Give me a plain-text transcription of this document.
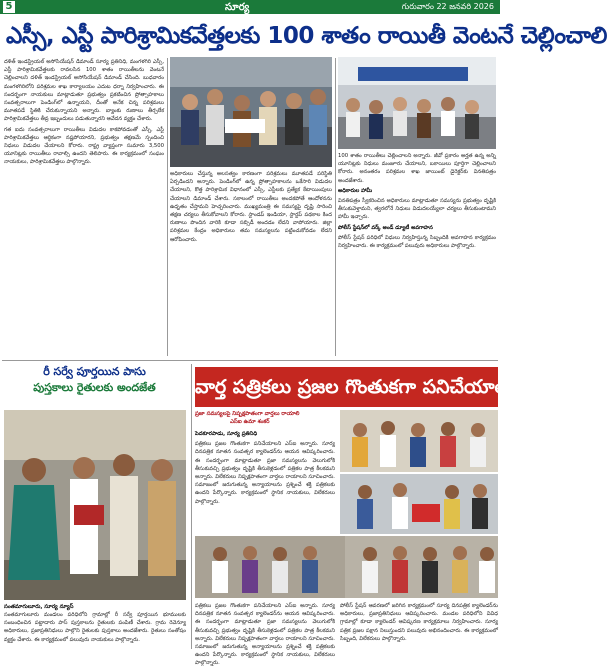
5	సూర్య	గురువారం 22 జనవరి 2026
ఎస్సీ, ఎస్టీ పారిశ్రామికవేత్తలకు 100 శాతం రాయితీ వెంటనే చెల్లించాలి

దళిత్ ఇండస్ట్రియల్ అసోసియేషన్ డిమాండ్ సూర్య ప్రతినిధి, మంగళగిరి ఎస్సీ, ఎస్టీ పారిశ్రామికవేత్తలకు రావలసిన 100 శాతం రాయితీలను వెంటనే చెల్లించాలని దళిత్ ఇండస్ట్రియల్ అసోసియేషన్ డిమాండ్ చేసింది. బుధవారం మంగళగిరిలోని పరిశ్రమల శాఖ కార్యాలయం ఎదుట ధర్నా నిర్వహించారు. ఈ సందర్భంగా నాయకులు మాట్లాడుతూ ప్రభుత్వం ప్రకటించిన ప్రోత్సాహకాలు సంవత్సరాలుగా పెండింగ్‌లో ఉన్నాయని, దీంతో అనేక చిన్న పరిశ్రమలు మూతపడే స్థితికి చేరుకున్నాయని అన్నారు. బ్యాంకు రుణాలు తీర్చలేక పారిశ్రామికవేత్తలు తీవ్ర ఇబ్బందులు పడుతున్నారని ఆవేదన వ్యక్తం చేశారు.

గత ఐదు సంవత్సరాలుగా రాయితీలు విడుదల కాకపోవడంతో ఎస్సీ, ఎస్టీ పారిశ్రామికవేత్తలు ఆర్థికంగా నష్టపోయారని, ప్రభుత్వం తక్షణమే స్పందించి నిధులు విడుదల చేయాలని కోరారు. రాష్ట్ర వ్యాప్తంగా సుమారు 3,500 యూనిట్లకు రాయితీలు రావాల్సి ఉందని తెలిపారు. ఈ కార్యక్రమంలో సంఘం నాయకులు, పారిశ్రామికవేత్తలు పాల్గొన్నారు.

అధికారులు చేస్తున్న అలసత్వం కారణంగా పరిశ్రమలు మూతపడే పరిస్థితి ఏర్పడిందని అన్నారు. పెండింగ్‌లో ఉన్న ప్రోత్సాహకాలను ఒకేసారి విడుదల చేయాలని, కొత్త పారిశ్రామిక విధానంలో ఎస్సీ, ఎస్టీలకు ప్రత్యేక కేటాయింపులు చేయాలని డిమాండ్ చేశారు. సకాలంలో రాయితీలు అందకపోతే ఆందోళనను ఉధృతం చేస్తామని హెచ్చరించారు. ముఖ్యమంత్రి ఈ సమస్యపై దృష్టి సారించి తక్షణ చర్యలు తీసుకోవాలని కోరారు. స్టాండప్ ఇండియా, స్టార్టప్ పథకాల కింద రుణాలు పొందిన వారికి కూడా సబ్సిడీ అందడం లేదని వాపోయారు. జిల్లా పరిశ్రమల కేంద్రం అధికారులు తమ సమస్యలను పట్టించుకోవడం లేదని ఆరోపించారు.

100 శాతం రాయితీలు చెల్లించాలని అన్నారు. జీవో ప్రకారం అర్హత ఉన్న అన్ని యూనిట్లకు నిధులు మంజూరు చేయాలని, బకాయిలు పూర్తిగా చెల్లించాలని కోరారు. అనంతరం పరిశ్రమల శాఖ జాయింట్ డైరెక్టర్‌కు వినతిపత్రం అందజేశారు.

అధికారుల హామీ

వినతిపత్రం స్వీకరించిన అధికారులు మాట్లాడుతూ సమస్యను ప్రభుత్వం దృష్టికి తీసుకువెళ్తామని, త్వరలోనే నిధులు విడుదలయ్యేలా చర్యలు తీసుకుంటామని హామీ ఇచ్చారు.

పోలీస్ స్టేషన్‌లో వర్క్ అండ్ డ్యూటీ అవగాహన

పోలీస్ స్టేషన్ పరిధిలో విధులు నిర్వహిస్తున్న సిబ్బందికి అవగాహన కార్యక్రమం నిర్వహించారు. ఈ కార్యక్రమంలో పలువురు అధికారులు పాల్గొన్నారు.

రీ సర్వే పూర్తయిన పాసు
పుస్తకాలు రైతులకు అందజేత
సంతమాగులూరు, సూర్య న్యూస్

సంతమాగులూరు మండలం పరిధిలోని గ్రామాల్లో రీ సర్వే పూర్తయిన భూములకు సంబంధించిన పట్టాదారు పాస్ పుస్తకాలను రైతులకు పంపిణీ చేశారు. గ్రామ రెవెన్యూ అధికారులు, ప్రజాప్రతినిధులు పాల్గొని రైతులకు పుస్తకాలు అందజేశారు. రైతులు సంతోషం వ్యక్తం చేశారు. ఈ కార్యక్రమంలో పలువురు నాయకులు పాల్గొన్నారు.

వార్త పత్రికలు ప్రజల గొంతుకగా పనిచేయాలి
ప్రజా సమస్యలపై నిష్పక్షపాతంగా వార్తలు రాయాలి
ఎస్ఐ ఉమా శంకర్

పెదకూరపాడు, సూర్య ప్రతినిధి

పత్రికలు ప్రజల గొంతుకగా పనిచేయాలని ఎస్ఐ అన్నారు. సూర్య దినపత్రిక నూతన సంవత్సర క్యాలెండర్‌ను ఆయన ఆవిష్కరించారు. ఈ సందర్భంగా మాట్లాడుతూ ప్రజా సమస్యలను వెలుగులోకి తీసుకువచ్చి ప్రభుత్వం దృష్టికి తీసుకెళ్లడంలో పత్రికల పాత్ర కీలకమని అన్నారు. విలేకరులు నిష్పక్షపాతంగా వార్తలు రాయాలని సూచించారు. సమాజంలో జరుగుతున్న అన్యాయాలను ప్రశ్నించే శక్తి పత్రికలకు ఉందని పేర్కొన్నారు. కార్యక్రమంలో స్థానిక నాయకులు, విలేకరులు పాల్గొన్నారు.

పోలీస్ స్టేషన్ ఆవరణలో జరిగిన కార్యక్రమంలో సూర్య దినపత్రిక క్యాలెండర్‌ను అధికారులు, ప్రజాప్రతినిధులు ఆవిష్కరించారు. మండల పరిధిలోని వివిధ గ్రామాల్లో కూడా క్యాలెండర్ ఆవిష్కరణ కార్యక్రమాలు నిర్వహించారు. సూర్య పత్రిక ప్రజల పక్షాన నిలుస్తుందని పలువురు అభినందించారు. ఈ కార్యక్రమంలో సిబ్బంది, విలేకరులు పాల్గొన్నారు.

పత్రికలు ప్రజల గొంతుకగా పనిచేయాలని ఎస్ఐ అన్నారు. సూర్య దినపత్రిక నూతన సంవత్సర క్యాలెండర్‌ను ఆయన ఆవిష్కరించారు. ఈ సందర్భంగా మాట్లాడుతూ ప్రజా సమస్యలను వెలుగులోకి తీసుకువచ్చి ప్రభుత్వం దృష్టికి తీసుకెళ్లడంలో పత్రికల పాత్ర కీలకమని అన్నారు. విలేకరులు నిష్పక్షపాతంగా వార్తలు రాయాలని సూచించారు. సమాజంలో జరుగుతున్న అన్యాయాలను ప్రశ్నించే శక్తి పత్రికలకు ఉందని పేర్కొన్నారు. కార్యక్రమంలో స్థానిక నాయకులు, విలేకరులు పాల్గొన్నారు.
